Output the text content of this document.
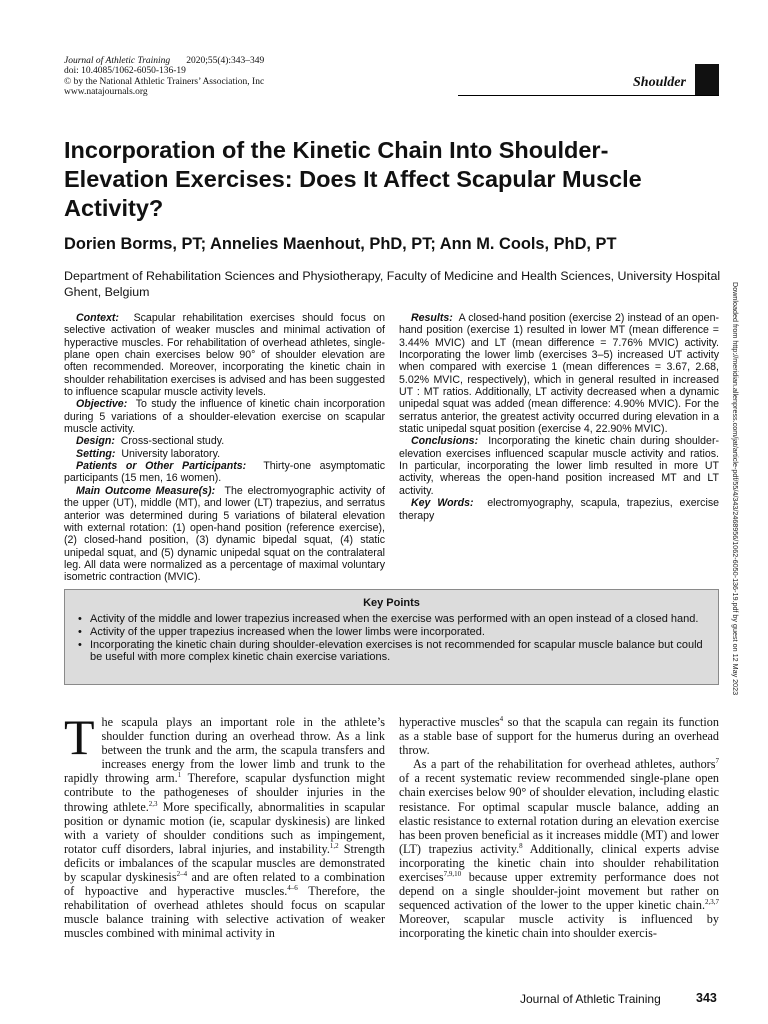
Journal of Athletic Training 2020;55(4):343–349
doi: 10.4085/1062-6050-136-19
© by the National Athletic Trainers’ Association, Inc
www.natajournals.org
Shoulder
Incorporation of the Kinetic Chain Into Shoulder-Elevation Exercises: Does It Affect Scapular Muscle Activity?
Dorien Borms, PT; Annelies Maenhout, PhD, PT; Ann M. Cools, PhD, PT
Department of Rehabilitation Sciences and Physiotherapy, Faculty of Medicine and Health Sciences, University Hospital Ghent, Belgium

Context: Scapular rehabilitation exercises should focus on selective activation of weaker muscles and minimal activation of hyperactive muscles. For rehabilitation of overhead athletes, single-plane open chain exercises below 90° of shoulder elevation are often recommended. Moreover, incorporating the kinetic chain in shoulder rehabilitation exercises is advised and has been suggested to influence scapular muscle activity levels.

Objective: To study the influence of kinetic chain incorporation during 5 variations of a shoulder-elevation exercise on scapular muscle activity.

Design: Cross-sectional study.

Setting: University laboratory.

Patients or Other Participants: Thirty-one asymptomatic participants (15 men, 16 women).

Main Outcome Measure(s): The electromyographic activity of the upper (UT), middle (MT), and lower (LT) trapezius, and serratus anterior was determined during 5 variations of bilateral elevation with external rotation: (1) open-hand position (reference exercise), (2) closed-hand position, (3) dynamic bipedal squat, (4) static unipedal squat, and (5) dynamic unipedal squat on the contralateral leg. All data were normalized as a percentage of maximal voluntary isometric contraction (MVIC).

Results: A closed-hand position (exercise 2) instead of an open-hand position (exercise 1) resulted in lower MT (mean difference = 3.44% MVIC) and LT (mean difference = 7.76% MVIC) activity. Incorporating the lower limb (exercises 3–5) increased UT activity when compared with exercise 1 (mean differences = 3.67, 2.68, 5.02% MVIC, respectively), which in general resulted in increased UT : MT ratios. Additionally, LT activity decreased when a dynamic unipedal squat was added (mean difference: 4.90% MVIC). For the serratus anterior, the greatest activity occurred during elevation in a static unipedal squat position (exercise 4, 22.90% MVIC).

Conclusions: Incorporating the kinetic chain during shoulder-elevation exercises influenced scapular muscle activity and ratios. In particular, incorporating the lower limb resulted in more UT activity, whereas the open-hand position increased MT and LT activity.

Key Words: electromyography, scapula, trapezius, exercise therapy	Downloaded from http://meridian.allenpress.com/jat/article-pdf/55/4/343/2468956/1062-6050-136-19.pdf by guest on 12 May 2023
Key Points
• Activity of the middle and lower trapezius increased when the exercise was performed with an open instead of a closed hand.
• Activity of the upper trapezius increased when the lower limbs were incorporated.
• Incorporating the kinetic chain during shoulder-elevation exercises is not recommended for scapular muscle balance but could be useful with more complex kinetic chain exercise variations.

The scapula plays an important role in the athlete’s shoulder function during an overhead throw. As a link between the trunk and the arm, the scapula transfers and increases energy from the lower limb and trunk to the rapidly throwing arm.$^1$ Therefore, scapular dysfunction might contribute to the pathogeneses of shoulder injuries in the throwing athlete.$^{2,3}$ More specifically, abnormalities in scapular position or dynamic motion (ie, scapular dyskinesis) are linked with a variety of shoulder conditions such as impingement, rotator cuff disorders, labral injuries, and instability.$^{1,2}$ Strength deficits or imbalances of the scapular muscles are demonstrated by scapular dyskinesis$^{2-4}$ and are often related to a combination of hypoactive and hyperactive muscles.$^{4-6}$ Therefore, the rehabilitation of overhead athletes should focus on scapular muscle balance training with selective activation of weaker muscles combined with minimal activity in

hyperactive muscles$^4$ so that the scapula can regain its function as a stable base of support for the humerus during an overhead throw.

As a part of the rehabilitation for overhead athletes, authors$^7$ of a recent systematic review recommended single-plane open chain exercises below 90° of shoulder elevation, including elastic resistance. For optimal scapular muscle balance, adding an elastic resistance to external rotation during an elevation exercise has been proven beneficial as it increases middle (MT) and lower (LT) trapezius activity.$^8$ Additionally, clinical experts advise incorporating the kinetic chain into shoulder rehabilitation exercises$^{7,9,10}$ because upper extremity performance does not depend on a single shoulder-joint movement but rather on sequenced activation of the lower to the upper kinetic chain.$^{2,3,7}$ Moreover, scapular muscle activity is influenced by incorporating the kinetic chain into shoulder exercis-

Journal of Athletic Training	343
